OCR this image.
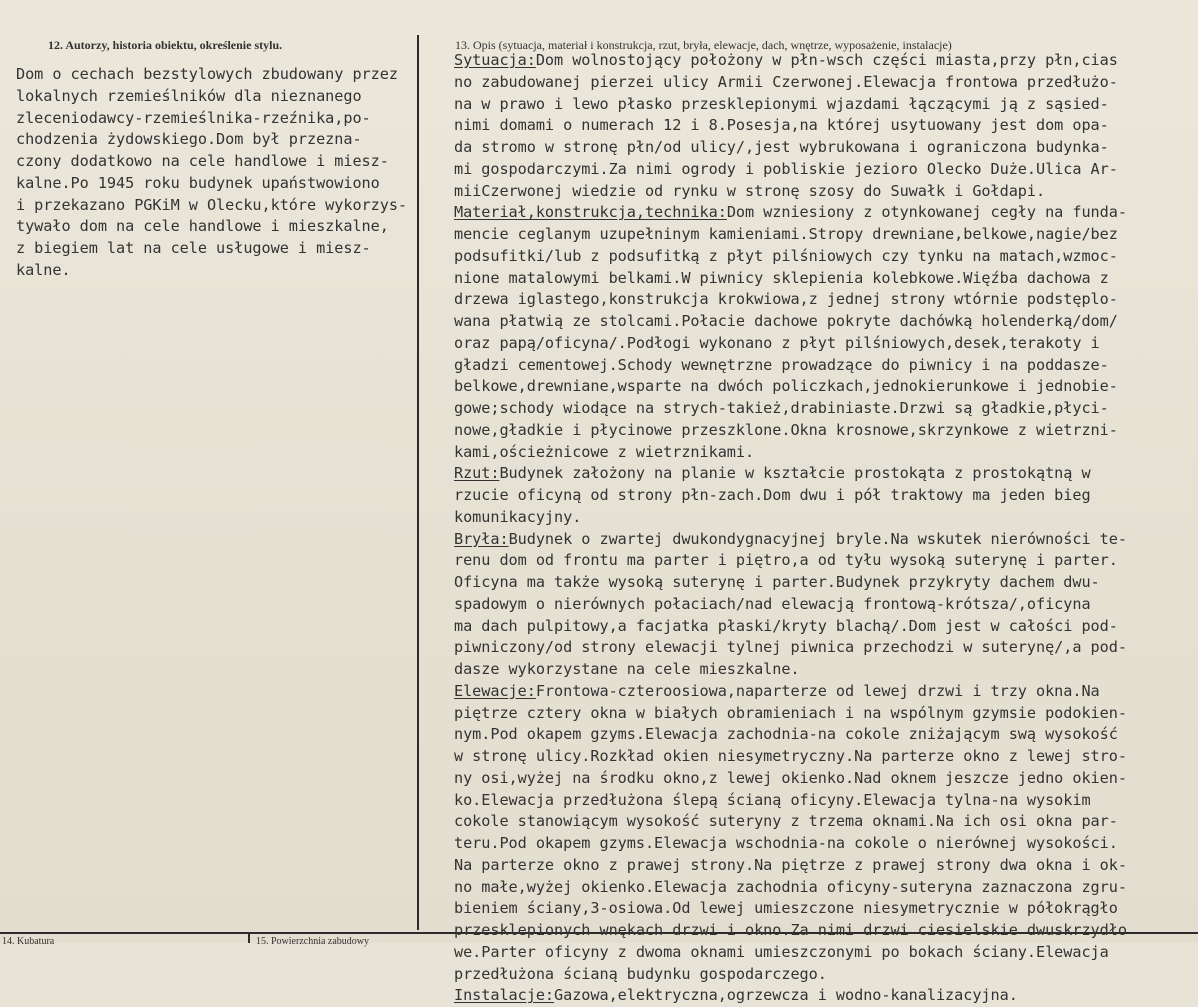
12. Autorzy, historia obiektu, określenie stylu.	13. Opis (sytuacja, materiał i konstrukcja, rzut, bryła, elewacje, dach, wnętrze, wyposażenie, instalacje)
Dom o cechach bezstylowych zbudowany przez
lokalnych rzemieślników dla nieznanego
zleceniodawcy-rzemieślnika-rzeźnika,po-
chodzenia żydowskiego.Dom był przezna-
czony dodatkowo na cele handlowe i miesz-
kalne.Po 1945 roku budynek upaństwowiono
i przekazano PGKiM w Olecku,które wykorzys-
tywało dom na cele handlowe i mieszkalne,
z biegiem lat na cele usługowe i miesz-
kalne.
Sytuacja:Dom wolnostojący położony w płn-wsch części miasta,przy płn,cias
no zabudowanej pierzei ulicy Armii Czerwonej.Elewacja frontowa przedłużo-
na w prawo i lewo płasko przesklepionymi wjazdami łączącymi ją z sąsied-
nimi domami o numerach 12 i 8.Posesja,na której usytuowany jest dom opa-
da stromo w stronę płn/od ulicy/,jest wybrukowana i ograniczona budynka-
mi gospodarczymi.Za nimi ogrody i pobliskie jezioro Olecko Duże.Ulica Ar-
miiCzerwonej wiedzie od rynku w stronę szosy do Suwałk i Gołdapi.
Materiał,konstrukcja,technika:Dom wzniesiony z otynkowanej cegły na funda-
mencie ceglanym uzupełninym kamieniami.Stropy drewniane,belkowe,nagie/bez
podsufitki/lub z podsufitką z płyt pilśniowych czy tynku na matach,wzmoc-
nione matalowymi belkami.W piwnicy sklepienia kolebkowe.Więźba dachowa z
drzewa iglastego,konstrukcja krokwiowa,z jednej strony wtórnie podstęplo-
wana płatwią ze stolcami.Połacie dachowe pokryte dachówką holenderką/dom/
oraz papą/oficyna/.Podłogi wykonano z płyt pilśniowych,desek,terakoty i
gładzi cementowej.Schody wewnętrzne prowadzące do piwnicy i na poddasze-
belkowe,drewniane,wsparte na dwóch policzkach,jednokierunkowe i jednobie-
gowe;schody wiodące na strych-takież,drabiniaste.Drzwi są gładkie,płyci-
nowe,gładkie i płycinowe przeszklone.Okna krosnowe,skrzynkowe z wietrzni-
kami,ościeżnicowe z wietrznikami.
Rzut:Budynek założony na planie w kształcie prostokąta z prostokątną w
rzucie oficyną od strony płn-zach.Dom dwu i pół traktowy ma jeden bieg
komunikacyjny.
Bryła:Budynek o zwartej dwukondygnacyjnej bryle.Na wskutek nierówności te-
renu dom od frontu ma parter i piętro,a od tyłu wysoką suterynę i parter.
Oficyna ma także wysoką suterynę i parter.Budynek przykryty dachem dwu-
spadowym o nierównych połaciach/nad elewacją frontową-krótsza/,oficyna
ma dach pulpitowy,a facjatka płaski/kryty blachą/.Dom jest w całości pod-
piwniczony/od strony elewacji tylnej piwnica przechodzi w suterynę/,a pod-
dasze wykorzystane na cele mieszkalne.
Elewacje:Frontowa-czteroosiowa,naparterze od lewej drzwi i trzy okna.Na
piętrze cztery okna w białych obramieniach i na wspólnym gzymsie podokien-
nym.Pod okapem gzyms.Elewacja zachodnia-na cokole zniżającym swą wysokość
w stronę ulicy.Rozkład okien niesymetryczny.Na parterze okno z lewej stro-
ny osi,wyżej na środku okno,z lewej okienko.Nad oknem jeszcze jedno okien-
ko.Elewacja przedłużona ślepą ścianą oficyny.Elewacja tylna-na wysokim
cokole stanowiącym wysokość suteryny z trzema oknami.Na ich osi okna par-
teru.Pod okapem gzyms.Elewacja wschodnia-na cokole o nierównej wysokości.
Na parterze okno z prawej strony.Na piętrze z prawej strony dwa okna i ok-
no małe,wyżej okienko.Elewacja zachodnia oficyny-suteryna zaznaczona zgru-
bieniem ściany,3-osiowa.Od lewej umieszczone niesymetrycznie w półokrągło
przesklepionych wnękach drzwi i okno.Za nimi drzwi ciesielskie dwuskrzydło
we.Parter oficyny z dwoma oknami umieszczonymi po bokach ściany.Elewacja
przedłużona ścianą budynku gospodarczego.
Instalacje:Gazowa,elektryczna,ogrzewcza i wodno-kanalizacyjna.
14. Kubatura	15. Powierzchnia zabudowy
